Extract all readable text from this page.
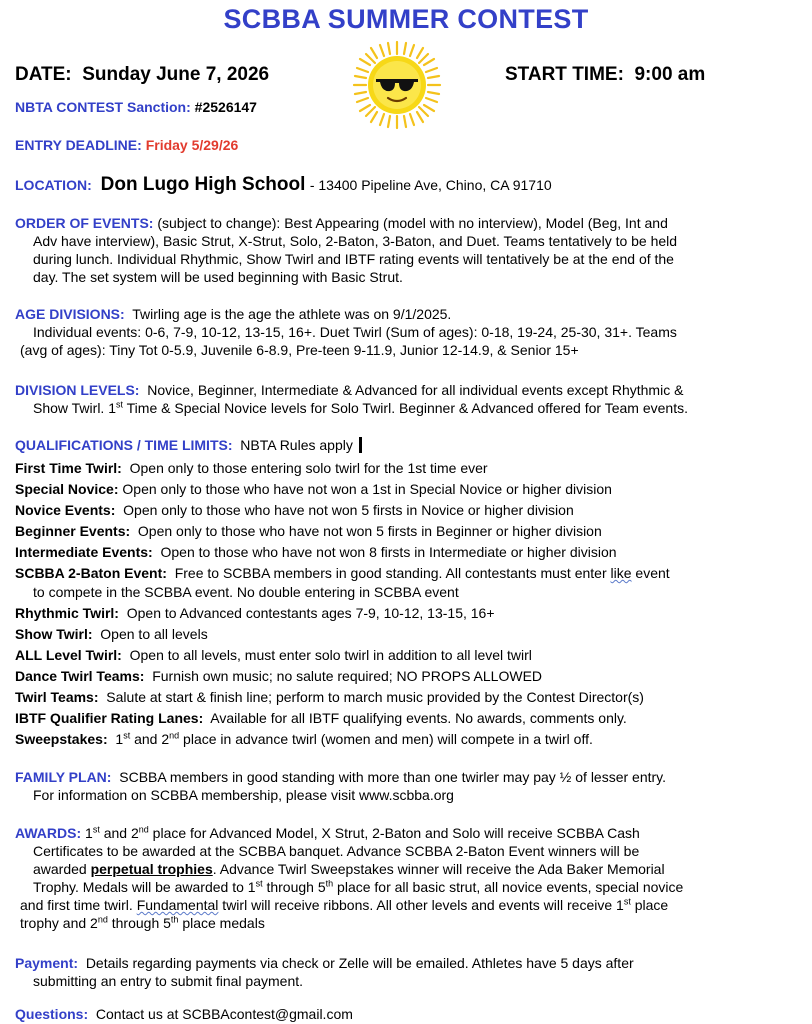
SCBBA SUMMER CONTEST
DATE: Sunday June 7, 2026	START TIME: 9:00 am
NBTA CONTEST Sanction: #2526147
ENTRY DEADLINE: Friday 5/29/26
LOCATION: Don Lugo High School - 13400 Pipeline Ave, Chino, CA 91710
ORDER OF EVENTS: (subject to change): Best Appearing (model with no interview), Model (Beg, Int and
Adv have interview), Basic Strut, X-Strut, Solo, 2-Baton, 3-Baton, and Duet. Teams tentatively to be held
during lunch. Individual Rhythmic, Show Twirl and IBTF rating events will tentatively be at the end of the
day. The set system will be used beginning with Basic Strut.
AGE DIVISIONS: Twirling age is the age the athlete was on 9/1/2025.
Individual events: 0-6, 7-9, 10-12, 13-15, 16+. Duet Twirl (Sum of ages): 0-18, 19-24, 25-30, 31+. Teams
(avg of ages): Tiny Tot 0-5.9, Juvenile 6-8.9, Pre-teen 9-11.9, Junior 12-14.9, & Senior 15+
DIVISION LEVELS: Novice, Beginner, Intermediate & Advanced for all individual events except Rhythmic &
Show Twirl. 1st Time & Special Novice levels for Solo Twirl. Beginner & Advanced offered for Team events.
QUALIFICATIONS / TIME LIMITS: NBTA Rules apply
First Time Twirl: Open only to those entering solo twirl for the 1st time ever
Special Novice: Open only to those who have not won a 1st in Special Novice or higher division
Novice Events: Open only to those who have not won 5 firsts in Novice or higher division
Beginner Events: Open only to those who have not won 5 firsts in Beginner or higher division
Intermediate Events: Open to those who have not won 8 firsts in Intermediate or higher division
SCBBA 2-Baton Event: Free to SCBBA members in good standing. All contestants must enter like event
to compete in the SCBBA event. No double entering in SCBBA event
Rhythmic Twirl: Open to Advanced contestants ages 7-9, 10-12, 13-15, 16+
Show Twirl: Open to all levels
ALL Level Twirl: Open to all levels, must enter solo twirl in addition to all level twirl
Dance Twirl Teams: Furnish own music; no salute required; NO PROPS ALLOWED
Twirl Teams: Salute at start & finish line; perform to march music provided by the Contest Director(s)
IBTF Qualifier Rating Lanes: Available for all IBTF qualifying events. No awards, comments only.
Sweepstakes: 1st and 2nd place in advance twirl (women and men) will compete in a twirl off.
FAMILY PLAN: SCBBA members in good standing with more than one twirler may pay ½ of lesser entry.
For information on SCBBA membership, please visit www.scbba.org
AWARDS: 1st and 2nd place for Advanced Model, X Strut, 2-Baton and Solo will receive SCBBA Cash
Certificates to be awarded at the SCBBA banquet. Advance SCBBA 2-Baton Event winners will be
awarded perpetual trophies. Advance Twirl Sweepstakes winner will receive the Ada Baker Memorial
Trophy. Medals will be awarded to 1st through 5th place for all basic strut, all novice events, special novice
and first time twirl. Fundamental twirl will receive ribbons. All other levels and events will receive 1st place
trophy and 2nd through 5th place medals
Payment: Details regarding payments via check or Zelle will be emailed. Athletes have 5 days after
submitting an entry to submit final payment.
Questions: Contact us at SCBBAcontest@gmail.com
